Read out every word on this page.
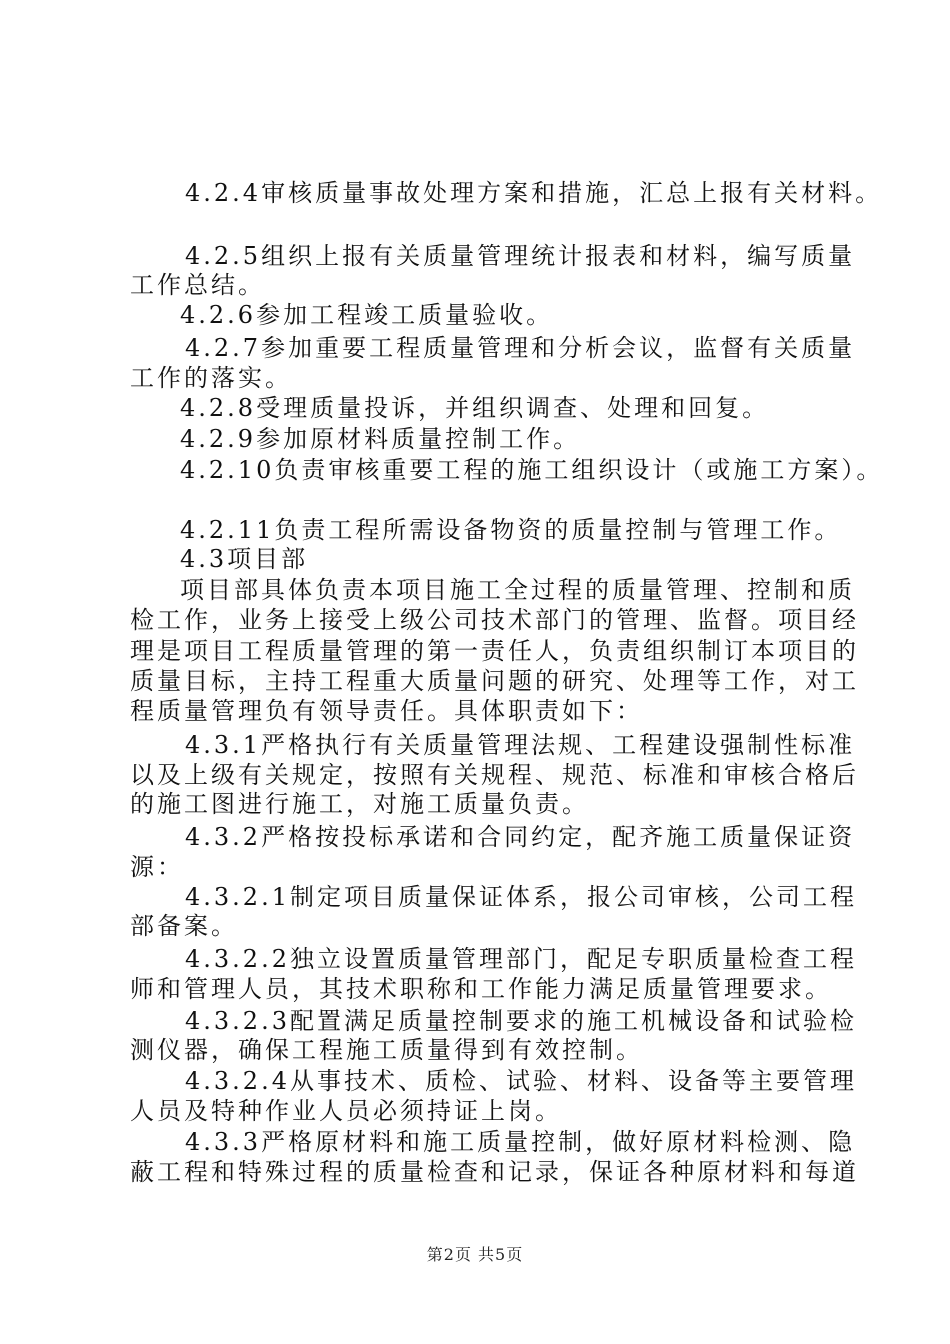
4.2.4审核质量事故处理方案和措施，汇总上报有关材料。
4.2.5组织上报有关质量管理统计报表和材料，编写质量
工作总结。
4.2.6参加工程竣工质量验收。
4.2.7参加重要工程质量管理和分析会议，监督有关质量
工作的落实。
4.2.8受理质量投诉，并组织调查、处理和回复。
4.2.9参加原材料质量控制工作。
4.2.10负责审核重要工程的施工组织设计（或施工方案）。
4.2.11负责工程所需设备物资的质量控制与管理工作。
4.3项目部
项目部具体负责本项目施工全过程的质量管理、控制和质
检工作，业务上接受上级公司技术部门的管理、监督。项目经
理是项目工程质量管理的第一责任人，负责组织制订本项目的
质量目标，主持工程重大质量问题的研究、处理等工作，对工
程质量管理负有领导责任。具体职责如下：
4.3.1严格执行有关质量管理法规、工程建设强制性标准
以及上级有关规定，按照有关规程、规范、标准和审核合格后
的施工图进行施工，对施工质量负责。
4.3.2严格按投标承诺和合同约定，配齐施工质量保证资
源：
4.3.2.1制定项目质量保证体系，报公司审核，公司工程
部备案。
4.3.2.2独立设置质量管理部门，配足专职质量检查工程
师和管理人员，其技术职称和工作能力满足质量管理要求。
4.3.2.3配置满足质量控制要求的施工机械设备和试验检
测仪器，确保工程施工质量得到有效控制。
4.3.2.4从事技术、质检、试验、材料、设备等主要管理
人员及特种作业人员必须持证上岗。
4.3.3严格原材料和施工质量控制，做好原材料检测、隐
蔽工程和特殊过程的质量检查和记录，保证各种原材料和每道
第2页 共5页
